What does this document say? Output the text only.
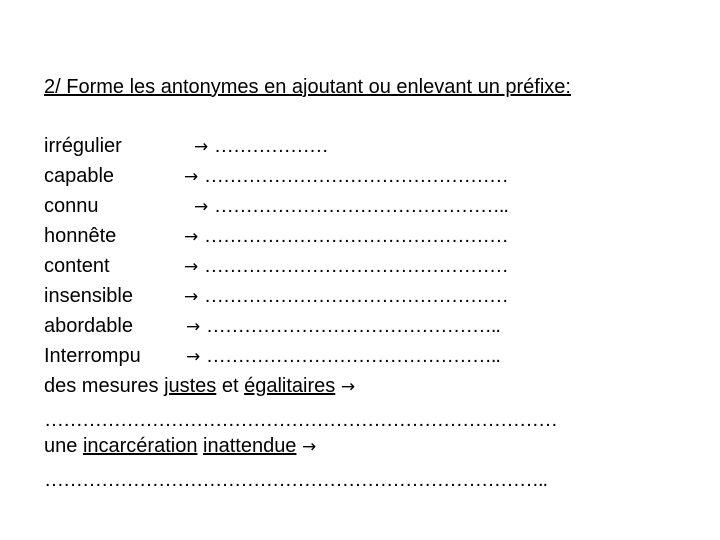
2/ Forme les antonymes en ajoutant ou enlevant un préfixe:
irrégulier	→ ………………
capable	→ …………………………………………
connu	→ ………………………………………..
honnête	→ …………………………………………
content	→ …………………………………………
insensible	→ …………………………………………
abordable	→ ………………………………………..
Interrompu	→ ………………………………………..
des mesures justes et égalitaires →
………………………………………………………………………
une incarcération inattendue →
……………………………………………………………………..
